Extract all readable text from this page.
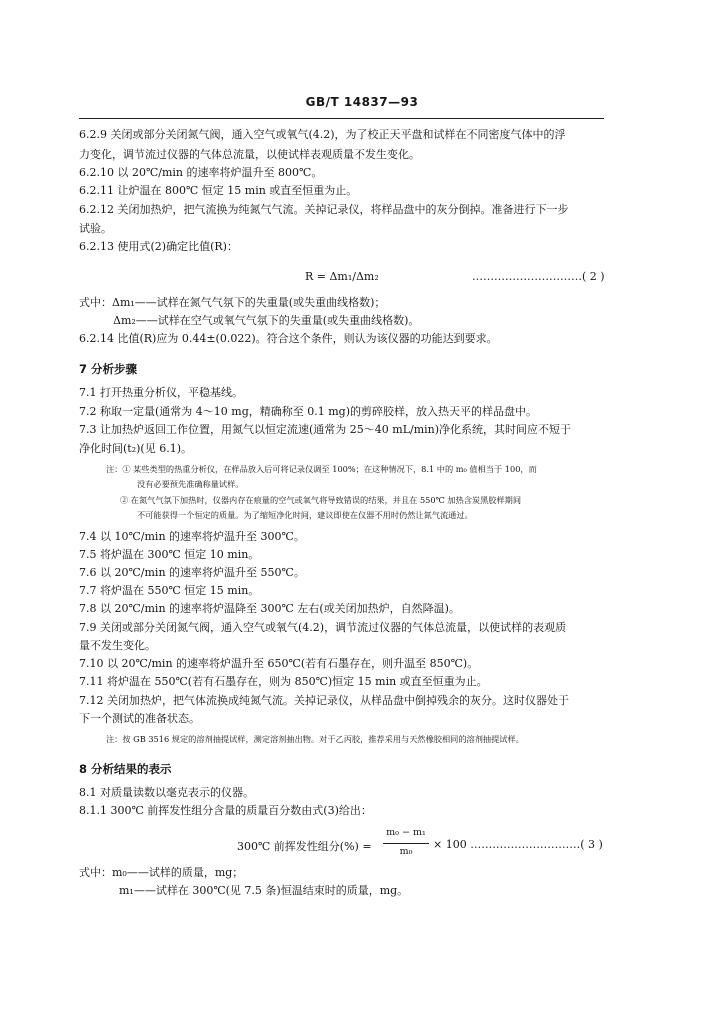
GB/T 14837—93
6.2.9 关闭或部分关闭氮气阀，通入空气或氧气(4.2)，为了校正天平盘和试样在不同密度气体中的浮
力变化，调节流过仪器的气体总流量，以使试样表观质量不发生变化。
6.2.10 以 20℃/min 的速率将炉温升至 800℃。
6.2.11 让炉温在 800℃ 恒定 15 min 或直至恒重为止。
6.2.12 关闭加热炉，把气流换为纯氮气气流。关掉记录仪，将样品盘中的灰分倒掉。准备进行下一步
试验。
6.2.13 使用式(2)确定比值(R)：
R = Δm₁/Δm₂	…………………………( 2 )
式中：Δm₁——试样在氮气气氛下的失重量(或失重曲线格数)；
Δm₂——试样在空气或氧气气氛下的失重量(或失重曲线格数)。
6.2.14 比值(R)应为 0.44±(0.022)。符合这个条件，则认为该仪器的功能达到要求。
7 分析步骤
7.1 打开热重分析仪，平稳基线。
7.2 称取一定量(通常为 4～10 mg，精确称至 0.1 mg)的剪碎胶样，放入热天平的样品盘中。
7.3 让加热炉返回工作位置，用氮气以恒定流速(通常为 25～40 mL/min)净化系统，其时间应不短于
净化时间(t₂)(见 6.1)。
注：① 某些类型的热重分析仪，在样品放入后可将记录仪调至 100%；在这种情况下，8.1 中的 m₀ 值相当于 100，而
没有必要预先准确称量试样。
② 在氮气气氛下加热时，仪器内存在痕量的空气或氧气将导致错误的结果，并且在 550℃ 加热含炭黑胶样期间
不可能获得一个恒定的质量。为了缩短净化时间，建议即使在仪器不用时仍然让氮气流通过。
7.4 以 10℃/min 的速率将炉温升至 300℃。
7.5 将炉温在 300℃ 恒定 10 min。
7.6 以 20℃/min 的速率将炉温升至 550℃。
7.7 将炉温在 550℃ 恒定 15 min。
7.8 以 20℃/min 的速率将炉温降至 300℃ 左右(或关闭加热炉，自然降温)。
7.9 关闭或部分关闭氮气阀，通入空气或氧气(4.2)，调节流过仪器的气体总流量，以使试样的表观质
量不发生变化。
7.10 以 20℃/min 的速率将炉温升至 650℃(若有石墨存在，则升温至 850℃)。
7.11 将炉温在 550℃(若有石墨存在，则为 850℃)恒定 15 min 或直至恒重为止。
7.12 关闭加热炉，把气体流换成纯氮气流。关掉记录仪，从样品盘中倒掉残余的灰分。这时仪器处于
下一个测试的准备状态。
注：按 GB 3516 规定的溶剂抽提试样，测定溶剂抽出物。对于乙丙胶，推荐采用与天然橡胶相同的溶剂抽提试样。
8 分析结果的表示
8.1 对质量读数以毫克表示的仪器。
8.1.1 300℃ 前挥发性组分含量的质量百分数由式(3)给出：
300℃ 前挥发性组分(%) =
m₀ − m₁
m₀
× 100 …………………………( 3 )
式中：m₀——试样的质量，mg；
m₁——试样在 300℃(见 7.5 条)恒温结束时的质量，mg。
